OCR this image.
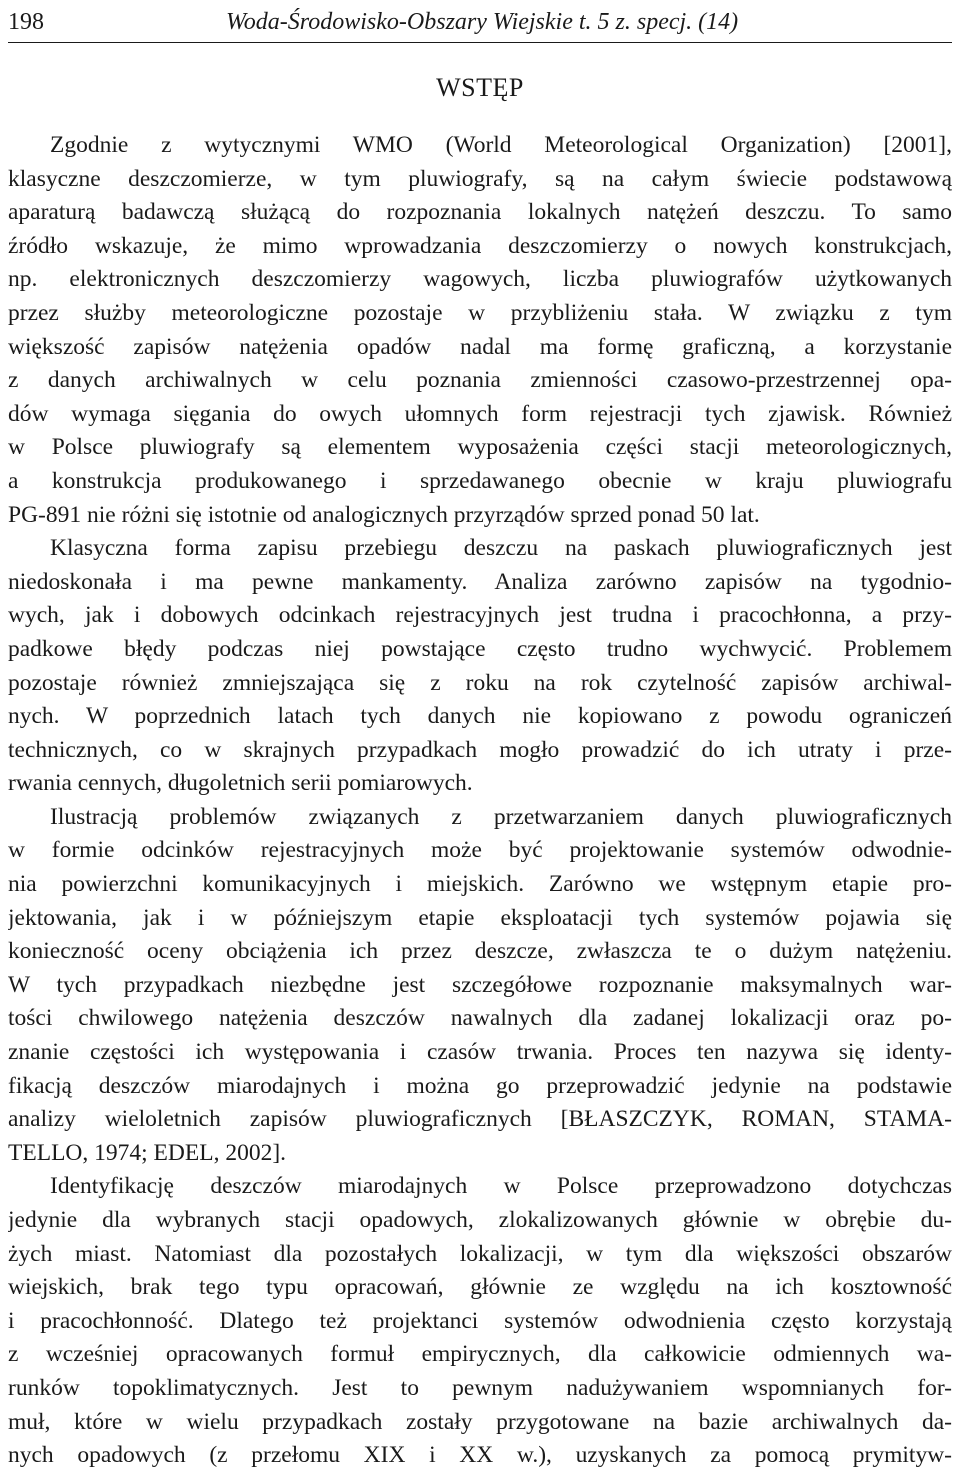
198	Woda-Środowisko-Obszary Wiejskie t. 5 z. specj. (14)
WSTĘP
Zgodnie z wytycznymi WMO (World Meteorological Organization) [2001],
klasyczne deszczomierze, w tym pluwiografy, są na całym świecie podstawową
aparaturą badawczą służącą do rozpoznania lokalnych natężeń deszczu. To samo
źródło wskazuje, że mimo wprowadzania deszczomierzy o nowych konstrukcjach,
np. elektronicznych deszczomierzy wagowych, liczba pluwiografów użytkowanych
przez służby meteorologiczne pozostaje w przybliżeniu stała. W związku z tym
większość zapisów natężenia opadów nadal ma formę graficzną, a korzystanie
z danych archiwalnych w celu poznania zmienności czasowo-przestrzennej opa-
dów wymaga sięgania do owych ułomnych form rejestracji tych zjawisk. Również
w Polsce pluwiografy są elementem wyposażenia części stacji meteorologicznych,
a konstrukcja produkowanego i sprzedawanego obecnie w kraju pluwiografu
PG-891 nie różni się istotnie od analogicznych przyrządów sprzed ponad 50 lat.
Klasyczna forma zapisu przebiegu deszczu na paskach pluwiograficznych jest
niedoskonała i ma pewne mankamenty. Analiza zarówno zapisów na tygodnio-
wych, jak i dobowych odcinkach rejestracyjnych jest trudna i pracochłonna, a przy-
padkowe błędy podczas niej powstające często trudno wychwycić. Problemem
pozostaje również zmniejszająca się z roku na rok czytelność zapisów archiwal-
nych. W poprzednich latach tych danych nie kopiowano z powodu ograniczeń
technicznych, co w skrajnych przypadkach mogło prowadzić do ich utraty i prze-
rwania cennych, długoletnich serii pomiarowych.
Ilustracją problemów związanych z przetwarzaniem danych pluwiograficznych
w formie odcinków rejestracyjnych może być projektowanie systemów odwodnie-
nia powierzchni komunikacyjnych i miejskich. Zarówno we wstępnym etapie pro-
jektowania, jak i w późniejszym etapie eksploatacji tych systemów pojawia się
konieczność oceny obciążenia ich przez deszcze, zwłaszcza te o dużym natężeniu.
W tych przypadkach niezbędne jest szczegółowe rozpoznanie maksymalnych war-
tości chwilowego natężenia deszczów nawalnych dla zadanej lokalizacji oraz po-
znanie częstości ich występowania i czasów trwania. Proces ten nazywa się identy-
fikacją deszczów miarodajnych i można go przeprowadzić jedynie na podstawie
analizy wieloletnich zapisów pluwiograficznych [BŁASZCZYK, ROMAN, STAMA-
TELLO, 1974; EDEL, 2002].
Identyfikację deszczów miarodajnych w Polsce przeprowadzono dotychczas
jedynie dla wybranych stacji opadowych, zlokalizowanych głównie w obrębie du-
żych miast. Natomiast dla pozostałych lokalizacji, w tym dla większości obszarów
wiejskich, brak tego typu opracowań, głównie ze względu na ich kosztowność
i pracochłonność. Dlatego też projektanci systemów odwodnienia często korzystają
z wcześniej opracowanych formuł empirycznych, dla całkowicie odmiennych wa-
runków topoklimatycznych. Jest to pewnym nadużywaniem wspomnianych for-
muł, które w wielu przypadkach zostały przygotowane na bazie archiwalnych da-
nych opadowych (z przełomu XIX i XX w.), uzyskanych za pomocą prymityw-
